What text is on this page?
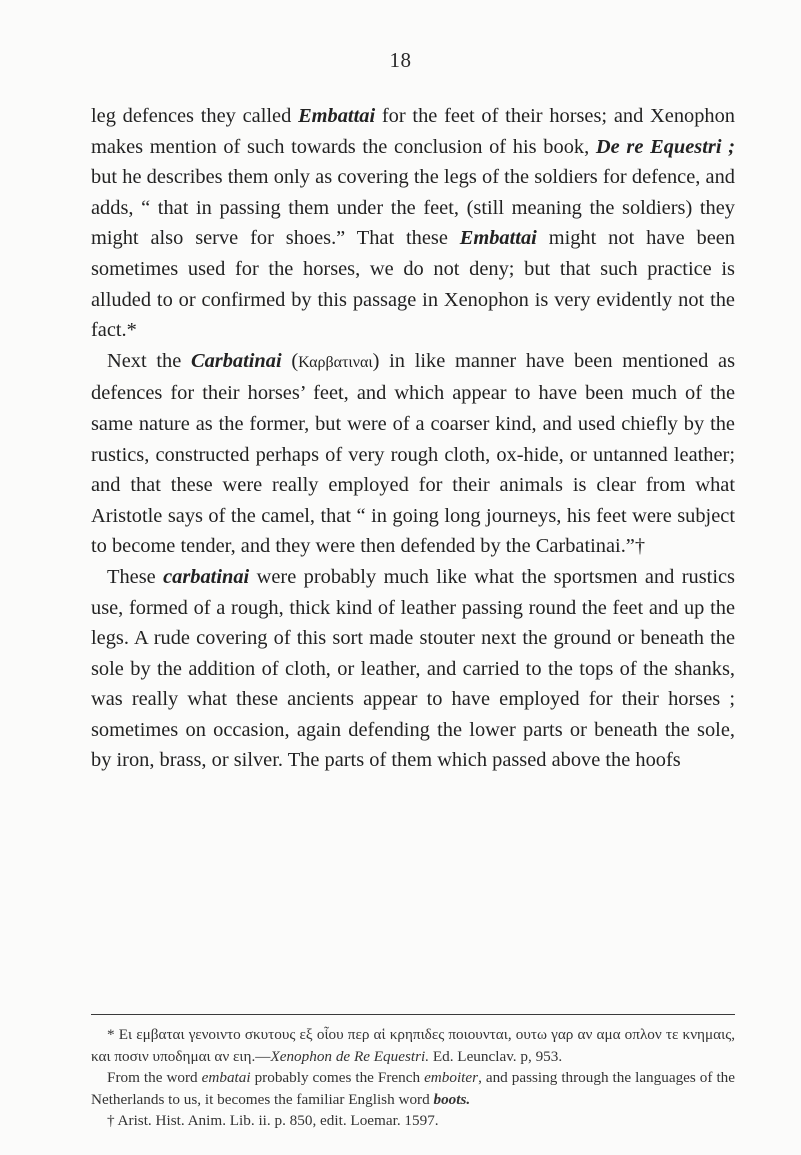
18

leg defences they called Embattai for the feet of their horses; and Xenophon makes mention of such towards the conclusion of his book, De re Equestri ; but he describes them only as covering the legs of the soldiers for defence, and adds, “ that in passing them under the feet, (still meaning the soldiers) they might also serve for shoes.” That these Embattai might not have been sometimes used for the horses, we do not deny; but that such practice is alluded to or confirmed by this passage in Xenophon is very evidently not the fact.*

Next the Carbatinai (Καρβατιναι) in like manner have been mentioned as defences for their horses’ feet, and which appear to have been much of the same nature as the former, but were of a coarser kind, and used chiefly by the rustics, constructed perhaps of very rough cloth, ox-hide, or untanned leather; and that these were really employed for their animals is clear from what Aristotle says of the camel, that “ in going long journeys, his feet were subject to become tender, and they were then defended by the Carbatinai.”†

These carbatinai were probably much like what the sportsmen and rustics use, formed of a rough, thick kind of leather passing round the feet and up the legs. A rude covering of this sort made stouter next the ground or beneath the sole by the addition of cloth, or leather, and carried to the tops of the shanks, was really what these ancients appear to have employed for their horses ; sometimes on occasion, again defending the lower parts or beneath the sole, by iron, brass, or silver. The parts of them which passed above the hoofs

* Ει εμβαται γενοιντο σκυτους εξ οἷου περ αἱ κρηπιδες ποιουνται, ουτω γαρ αν αμα οπλον τε κνημαις, και ποσιν υποδημαι αν ειη.—Xenophon de Re Equestri. Ed. Leunclav. p, 953.

From the word embatai probably comes the French emboiter, and passing through the languages of the Netherlands to us, it becomes the familiar English word boots.

† Arist. Hist. Anim. Lib. ii. p. 850, edit. Loemar. 1597.
